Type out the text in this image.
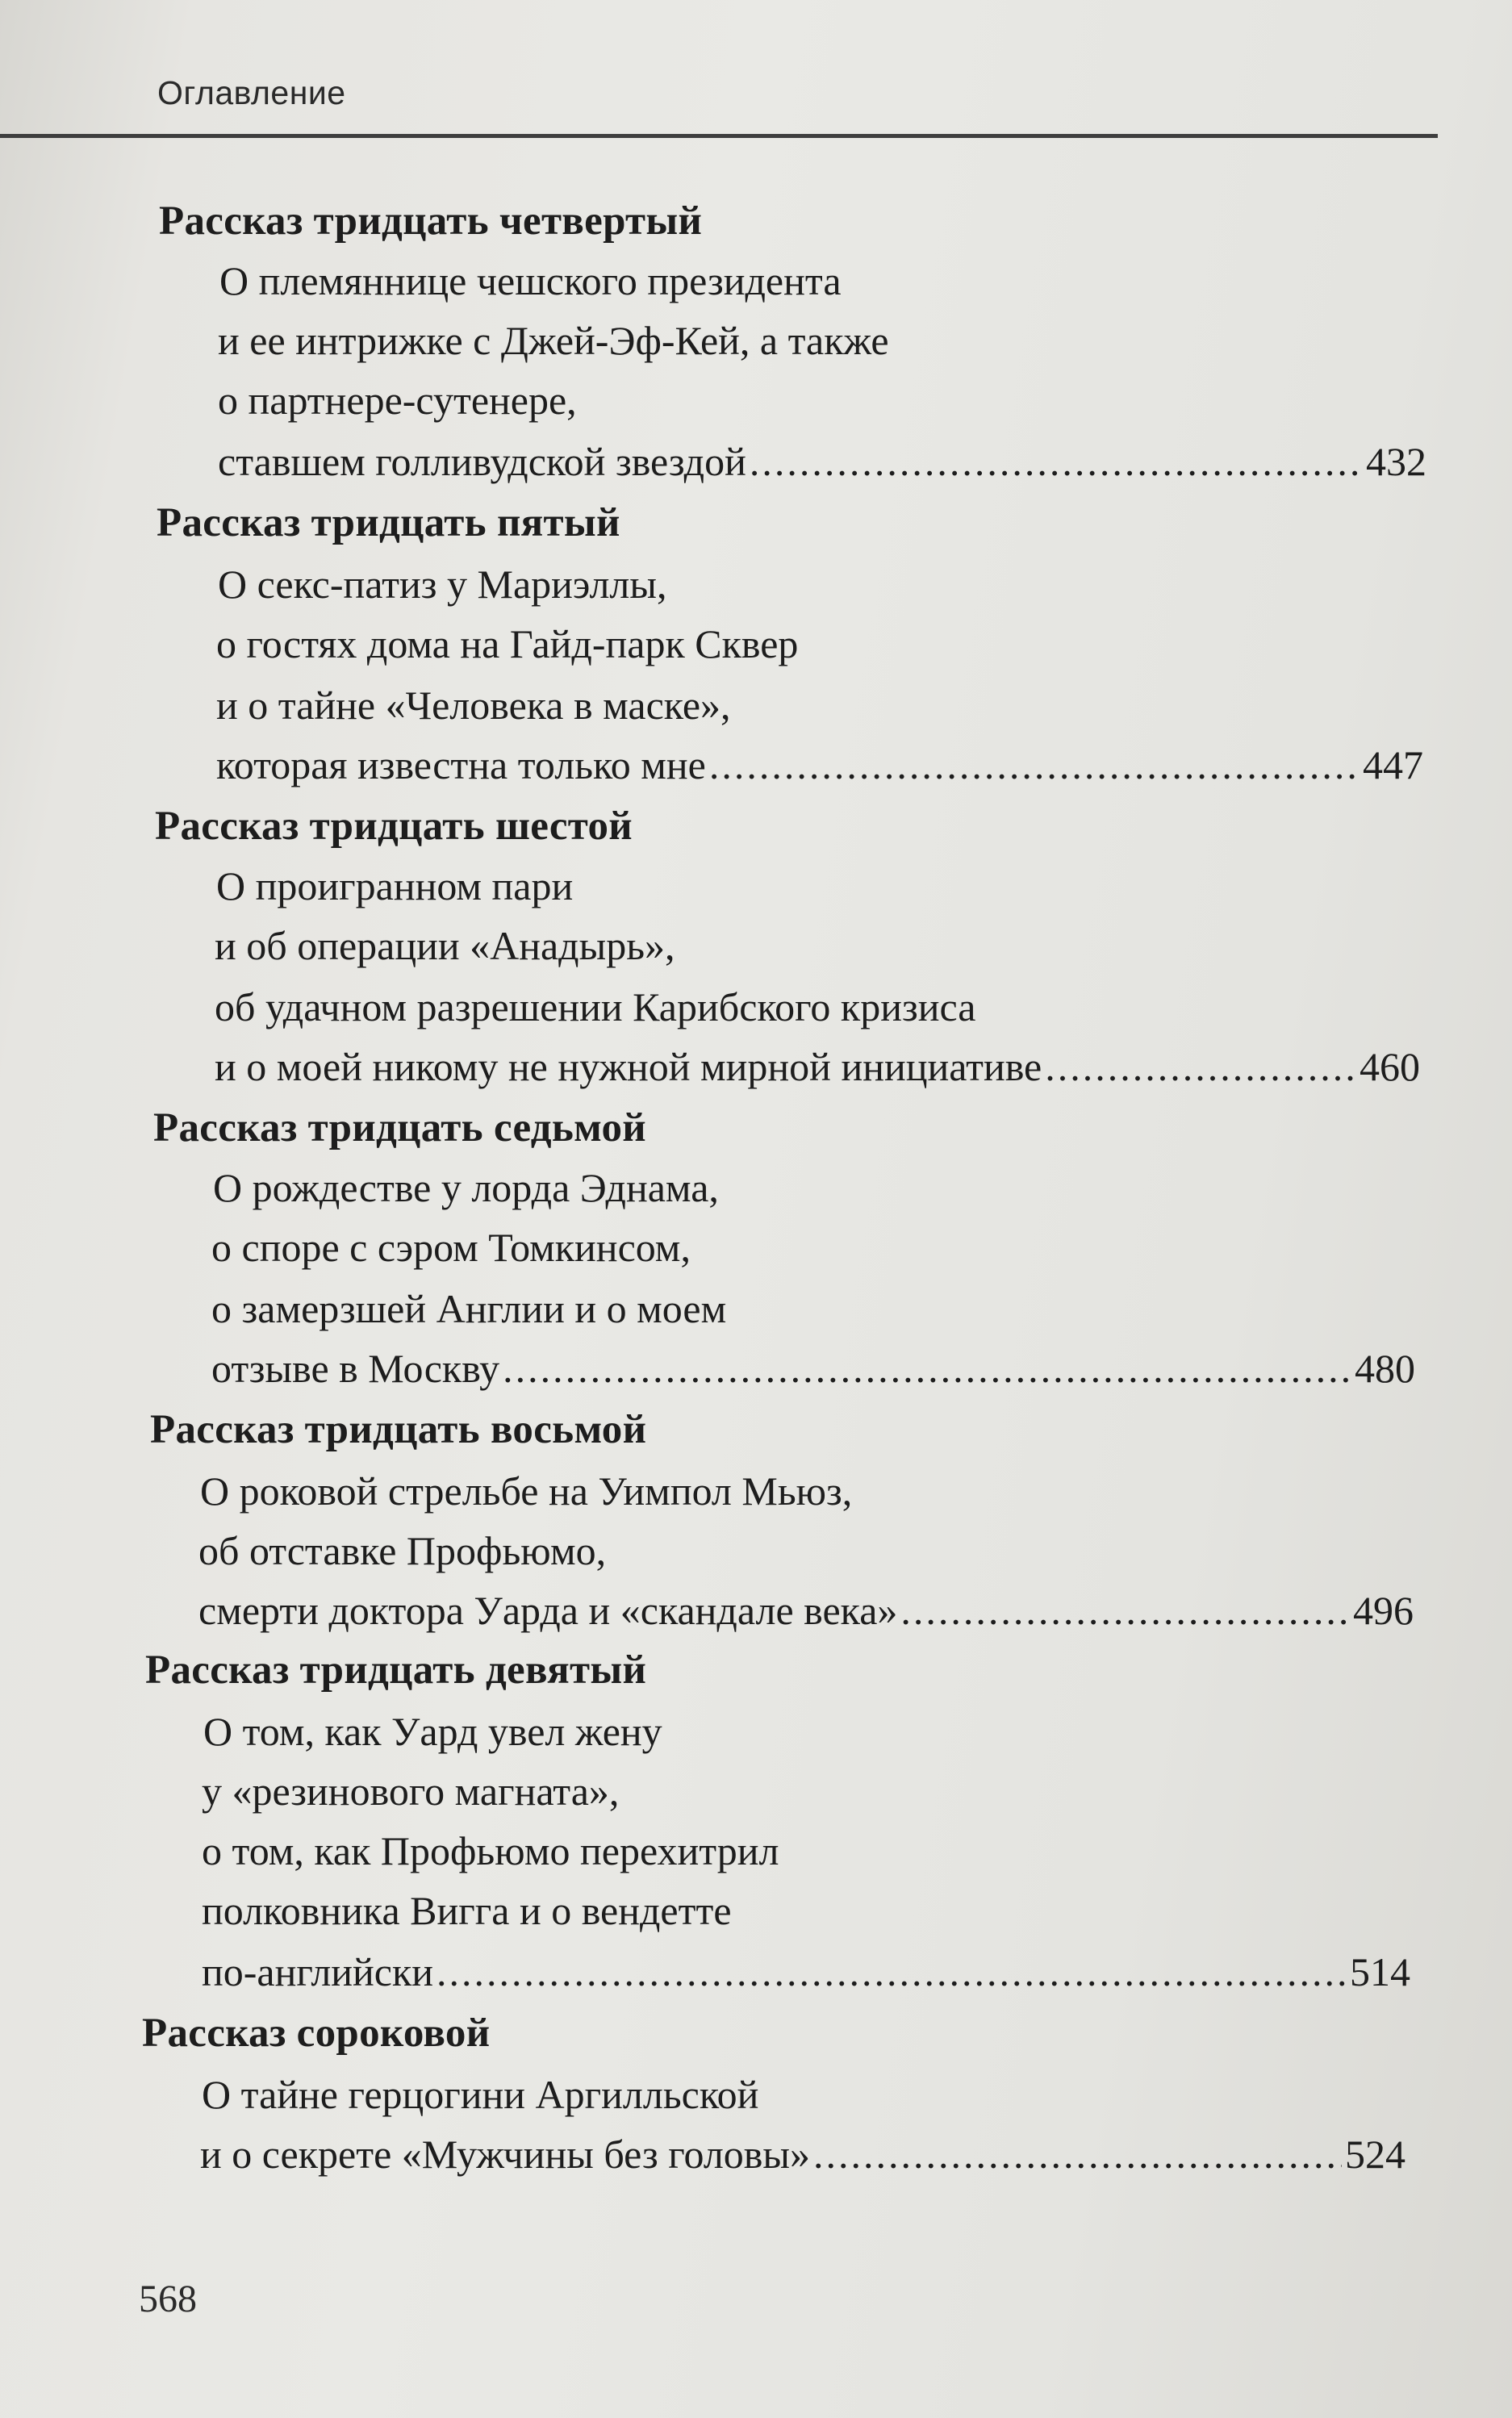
Оглавление
Рассказ тридцать четвертый
О племяннице чешского президента
и ее интрижке с Джей-Эф-Кей, а также
о партнере-сутенере,
ставшем голливудской звездой .....	432
Рассказ тридцать пятый
О секс-патиз у Мариэллы,
о гостях дома на Гайд-парк Сквер
и о тайне «Человека в маске»,
которая известна только мне .....	447
Рассказ тридцать шестой
О проигранном пари
и об операции «Анадырь»,
об удачном разрешении Карибского кризиса
и о моей никому не нужной мирной инициативе .....	460
Рассказ тридцать седьмой
О рождестве у лорда Эднама,
о споре с сэром Томкинсом,
о замерзшей Англии и о моем
отзыве в Москву .....	480
Рассказ тридцать восьмой
О роковой стрельбе на Уимпол Мьюз,
об отставке Профьюмо,
смерти доктора Уарда и «скандале века» .....	496
Рассказ тридцать девятый
О том, как Уард увел жену
у «резинового магната»,
о том, как Профьюмо перехитрил
полковника Вигга и о вендетте
по-английски .....	514
Рассказ сороковой
О тайне герцогини Аргилльской
и о секрете «Мужчины без головы» .....	524
568
